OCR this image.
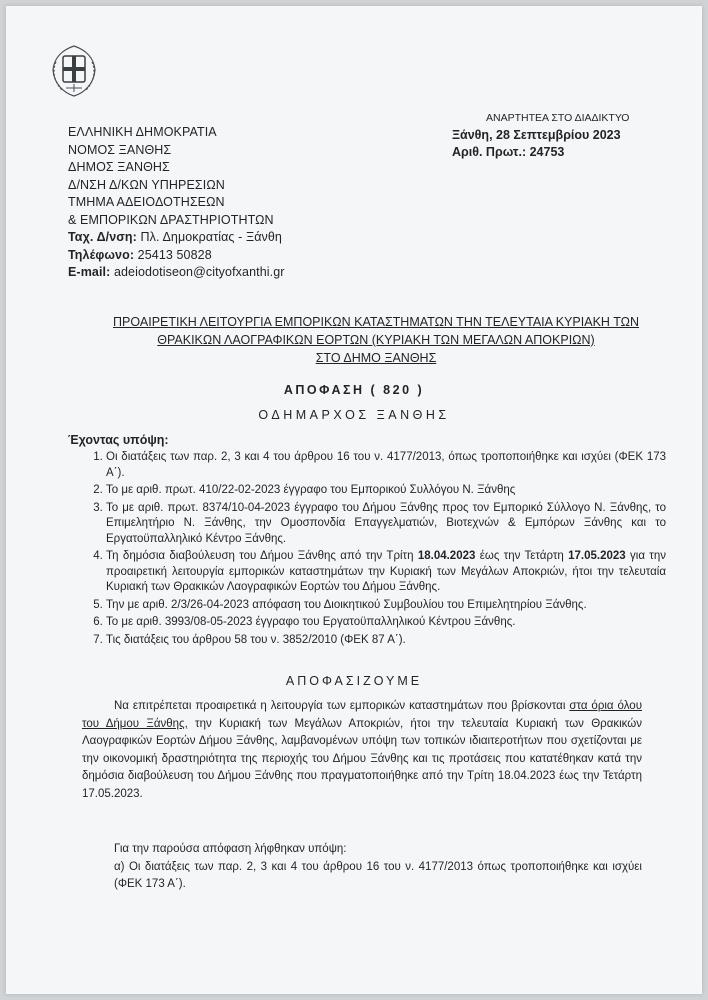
ΕΛΛΗΝΙΚΗ ΔΗΜΟΚΡΑΤΙΑ
ΝΟΜΟΣ ΞΑΝΘΗΣ
ΔΗΜΟΣ ΞΑΝΘΗΣ
Δ/ΝΣΗ Δ/ΚΩΝ ΥΠΗΡΕΣΙΩΝ
ΤΜΗΜΑ ΑΔΕΙΟΔΟΤΗΣΕΩΝ
& ΕΜΠΟΡΙΚΩΝ ΔΡΑΣΤΗΡΙΟΤΗΤΩΝ
Ταχ. Δ/νση: Πλ. Δημοκρατίας - Ξάνθη
Τηλέφωνο: 25413 50828
E-mail: adeiodotiseon@cityofxanthi.gr
ΑΝΑΡΤΗΤΕΑ ΣΤΟ ΔΙΑΔΙΚΤΥΟ
Ξάνθη, 28 Σεπτεμβρίου 2023
Αριθ. Πρωτ.: 24753
ΠΡΟΑΙΡΕΤΙΚΗ ΛΕΙΤΟΥΡΓΙΑ ΕΜΠΟΡΙΚΩΝ ΚΑΤΑΣΤΗΜΑΤΩΝ ΤΗΝ ΤΕΛΕΥΤΑΙΑ ΚΥΡΙΑΚΗ ΤΩΝ
ΘΡΑΚΙΚΩΝ ΛΑΟΓΡΑΦΙΚΩΝ ΕΟΡΤΩΝ (ΚΥΡΙΑΚΗ ΤΩΝ ΜΕΓΑΛΩΝ ΑΠΟΚΡΙΩΝ)
ΣΤΟ ΔΗΜΟ ΞΑΝΘΗΣ
ΑΠΟΦΑΣΗ ( 820 )
ΟΔΗΜΑΡΧΟΣ ΞΑΝΘΗΣ
Έχοντας υπόψη:
1. Οι διατάξεις των παρ. 2, 3 και 4 του άρθρου 16 του ν. 4177/2013, όπως τροποποιήθηκε και ισχύει (ΦΕΚ 173 Α΄).
2. Το με αριθ. πρωτ. 410/22-02-2023 έγγραφο του Εμπορικού Συλλόγου Ν. Ξάνθης
3. Το με αριθ. πρωτ. 8374/10-04-2023 έγγραφο του Δήμου Ξάνθης προς τον Εμπορικό Σύλλογο Ν. Ξάνθης, το Επιμελητήριο Ν. Ξάνθης, την Ομοσπονδία Επαγγελματιών, Βιοτεχνών & Εμπόρων Ξάνθης και το Εργατοϋπαλληλικό Κέντρο Ξάνθης.
4. Τη δημόσια διαβούλευση του Δήμου Ξάνθης από την Τρίτη 18.04.2023 έως την Τετάρτη 17.05.2023 για την προαιρετική λειτουργία εμπορικών καταστημάτων την Κυριακή των Μεγάλων Αποκριών, ήτοι την τελευταία Κυριακή των Θρακικών Λαογραφικών Εορτών του Δήμου Ξάνθης.
5. Την με αριθ. 2/3/26-04-2023 απόφαση του Διοικητικού Συμβουλίου του Επιμελητηρίου Ξάνθης.
6. Το με αριθ. 3993/08-05-2023 έγγραφο του Εργατοϋπαλληλικού Κέντρου Ξάνθης.
7. Τις διατάξεις του άρθρου 58 του ν. 3852/2010 (ΦΕΚ 87 Α΄).
ΑΠΟΦΑΣΙΖΟΥΜΕ
Να επιτρέπεται προαιρετικά η λειτουργία των εμπορικών καταστημάτων που βρίσκονται στα όρια όλου του Δήμου Ξάνθης, την Κυριακή των Μεγάλων Αποκριών, ήτοι την τελευταία Κυριακή των Θρακικών Λαογραφικών Εορτών Δήμου Ξάνθης, λαμβανομένων υπόψη των τοπικών ιδιαιτεροτήτων που σχετίζονται με την οικονομική δραστηριότητα της περιοχής του Δήμου Ξάνθης και τις προτάσεις που κατατέθηκαν κατά την δημόσια διαβούλευση του Δήμου Ξάνθης που πραγματοποιήθηκε από την Τρίτη 18.04.2023 έως την Τετάρτη 17.05.2023.
Για την παρούσα απόφαση λήφθηκαν υπόψη:
α) Οι διατάξεις των παρ. 2, 3 και 4 του άρθρου 16 του ν. 4177/2013 όπως τροποποιήθηκε και ισχύει (ΦΕΚ 173 Α΄).
